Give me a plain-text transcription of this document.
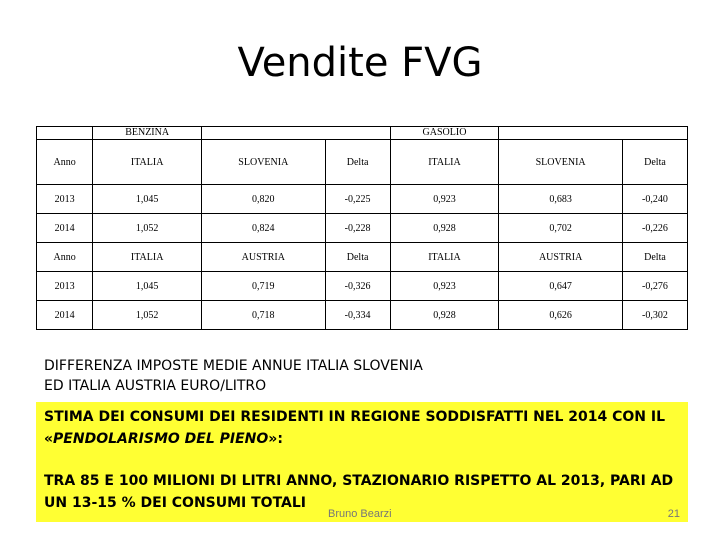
Vendite FVG
	BENZINA			GASOLIO		
Anno	ITALIA	SLOVENIA	Delta	ITALIA	SLOVENIA	Delta
2013	1,045	0,820	-0,225	0,923	0,683	-0,240
2014	1,052	0,824	-0,228	0,928	0,702	-0,226
Anno	ITALIA	AUSTRIA	Delta	ITALIA	AUSTRIA	Delta
2013	1,045	0,719	-0,326	0,923	0,647	-0,276
2014	1,052	0,718	-0,334	0,928	0,626	-0,302
DIFFERENZA IMPOSTE MEDIE ANNUE ITALIA SLOVENIA
ED ITALIA AUSTRIA EURO/LITRO

STIMA DEI CONSUMI DEI RESIDENTI IN REGIONE SODDISFATTI NEL 2014 CON IL «PENDOLARISMO DEL PIENO»:

TRA 85 E 100 MILIONI DI LITRI ANNO, STAZIONARIO RISPETTO AL 2013, PARI AD UN 13-15 % DEI CONSUMI TOTALI

Bruno Bearzi	21
